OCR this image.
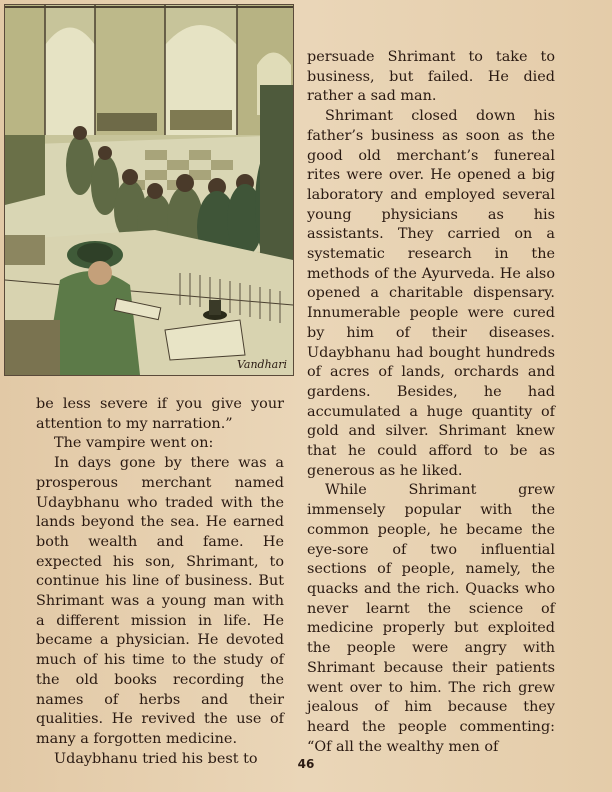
Vandhari

be less severe if you give your attention to my narration.”

The vampire went on:

In days gone by there was a prosperous merchant named Udaybhanu who traded with the lands beyond the sea. He earned both wealth and fame. He expected his son, Shrimant, to continue his line of business. But Shrimant was a young man with a different mission in life. He became a physician. He devoted much of his time to the study of the old books recording the names of herbs and their qualities. He revived the use of many a forgotten medicine.

Udaybhanu tried his best to

persuade Shrimant to take to business, but failed. He died rather a sad man.

Shrimant closed down his father’s business as soon as the good old merchant’s funereal rites were over. He opened a big laboratory and employed several young physicians as his assistants. They carried on a systematic research in the methods of the Ayurveda. He also opened a charitable dispensary. Innumerable people were cured by him of their diseases. Udaybhanu had bought hundreds of acres of lands, orchards and gardens. Besides, he had accumulated a huge quantity of gold and silver. Shrimant knew that he could afford to be as generous as he liked.

While Shrimant grew immensely popular with the common people, he became the eye-sore of two influential sections of people, namely, the quacks and the rich. Quacks who never learnt the science of medicine properly but exploited the people were angry with Shrimant because their patients went over to him. The rich grew jealous of him because they heard the people commenting: “Of all the wealthy men of

46
